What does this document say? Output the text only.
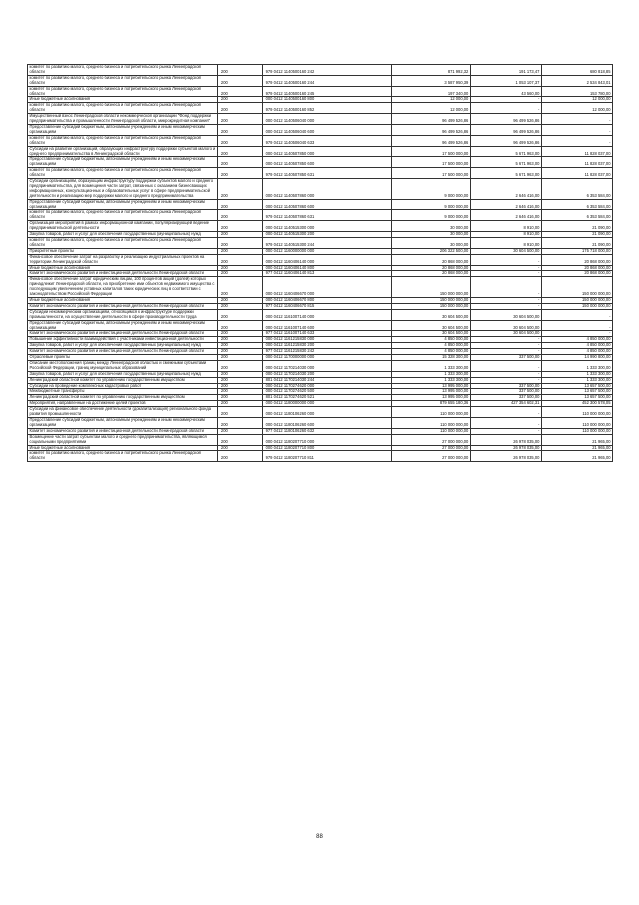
комитет по развитию малого, среднего бизнеса и потребительского рынка Ленинградской области	200	979 0412 1140500160 242	871 992,32	191 173,47	680 818,85
комитет по развитию малого, среднего бизнеса и потребительского рынка Ленинградской области	200	979 0412 1140500160 244	3 587 950,39	1 053 107,37	2 534 843,01
комитет по развитию малого, среднего бизнеса и потребительского рынка Ленинградской области	200	979 0412 1140500160 245	197 340,00	43 560,00	153 780,00
Иные бюджетные ассигнования	200	000 0412 1140500160 800	12 000,00	-	12 000,00
комитет по развитию малого, среднего бизнеса и потребительского рынка Ленинградской области	200	979 0412 1140500160 852	12 000,00	-	12 000,00
Имущественный взнос Ленинградской области некоммерческой организации "Фонд поддержки предпринимательства и промышленности Ленинградской области, микрокредитная компания"	200	000 0412 1140506040 000	96 499 526,86	96 499 526,86	-
Предоставление субсидий бюджетным, автономным учреждениям и иным некоммерческим организациям	200	000 0412 1140506040 600	96 499 526,86	96 499 526,86	-
комитет по развитию малого, среднего бизнеса и потребительского рынка Ленинградской области	200	979 0412 1140506040 633	96 499 526,86	96 499 526,86	-
Субсидии на развитие организаций, образующих инфраструктуру поддержки субъектов малого и среднего предпринимательства в Ленинградской области	200	000 0412 1140507850 000	17 500 000,00	5 671 963,00	11 828 037,00
Предоставление субсидий бюджетным, автономным учреждениям и иным некоммерческим организациям	200	000 0412 1140507850 600	17 500 000,00	5 671 963,00	11 828 037,00
комитет по развитию малого, среднего бизнеса и потребительского рынка Ленинградской области	200	979 0412 1140507850 631	17 500 000,00	5 671 963,00	11 828 037,00
Субсидии организациям, образующим инфраструктуру поддержки субъектов малого и среднего предпринимательства, для возмещения части затрат, связанных с оказанием бизнесвающих информационных, консультационных и образовательных услуг в сфере предпринимательской деятельности и реализацию мер поддержки малого и среднего предпринимательства	200	000 0412 1140507860 000	9 000 000,00	2 646 416,00	6 353 584,00
Предоставление субсидий бюджетным, автономным учреждениям и иным некоммерческим организациям	200	000 0412 1140507860 600	9 000 000,00	2 646 416,00	6 353 584,00
комитет по развитию малого, среднего бизнеса и потребительского рынка Ленинградской области	200	979 0412 1140507860 631	9 000 000,00	2 646 416,00	6 353 584,00
Организация мероприятий в рамках информационной кампании, популяризирующей ведение предпринимательской деятельности	200	000 0412 1140515300 000	30 000,00	8 910,00	21 090,00
Закупка товаров, работ и услуг для обеспечения государственных (муниципальных) нужд	200	000 0412 1140515300 200	30 000,00	8 910,00	21 090,00
комитет по развитию малого, среднего бизнеса и потребительского рынка Ленинградской области	200	979 0412 1140515300 244	30 000,00	8 910,00	21 090,00
Приоритетные проекты	200	000 0412 1160000000 000	206 322 500,00	30 604 500,00	175 718 000,00
Финансовое обеспечение затрат на разработку и реализацию индустриальных проектов на территории Ленинградской области	200	000 0412 1160406140 000	20 868 000,00	-	20 868 000,00
Иные бюджетные ассигнования	200	000 0412 1160406140 800	20 868 000,00	-	20 868 000,00
Комитет экономического развития и инвестиционной деятельности Ленинградской области	200	977 0412 1160406140 813	20 868 000,00	-	20 868 000,00
Финансовое обеспечение затрат юридическим лицам, 100 процентов акций (долей) которых принадлежит Ленинградской области, на приобретение ими объектов недвижимого имущества с последующим увеличением уставных капиталов таких юридических лиц в соответствии с законодательством Российской Федерации	200	000 0412 1160406670 000	150 000 000,00	-	150 000 000,00
Иные бюджетные ассигнования	200	000 0412 1160406670 800	150 000 000,00	-	150 000 000,00
Комитет экономического развития и инвестиционной деятельности Ленинградской области	200	977 0412 1160406670 815	150 000 000,00	-	150 000 000,00
Субсидии некоммерческим организациям, относящимся к инфраструктуре поддержки промышленности, на осуществление деятельности в сфере производительности труда	200	000 0412 1161007140 000	30 604 500,00	30 604 500,00	-
Предоставление субсидий бюджетным, автономным учреждениям и иным некоммерческим организациям	200	000 0412 1161007140 600	30 604 500,00	30 604 500,00	-
Комитет экономического развития и инвестиционной деятельности Ленинградской области	200	977 0412 1161007140 633	30 604 500,00	30 604 500,00	-
Повышение эффективности взаимодействия с участниками инвестиционной деятельности	200	000 0412 1161215830 000	4 850 000,00	-	4 850 000,00
Закупка товаров, работ и услуг для обеспечения государственных (муниципальных) нужд	200	000 0412 1161215830 200	4 850 000,00	-	4 850 000,00
Комитет экономического развития и инвестиционной деятельности Ленинградской области	200	977 0412 1161215830 242	4 850 000,00	-	4 850 000,00
Отраслевые проекты	200	000 0412 1170000000 000	15 328 300,00	337 500,00	14 990 800,00
Описание местоположения границ между Ленинградской областью и смежными субъектами Российской Федерации, границ муниципальных образований	200	000 0412 1170214030 000	1 333 300,00	-	1 333 300,00
Закупка товаров, работ и услуг для обеспечения государственных (муниципальных) нужд	200	000 0412 1170214030 200	1 333 300,00	-	1 333 300,00
Ленинградский областной комитет по управлению государственным имуществом	200	801 0412 1170214030 244	1 333 300,00	-	1 333 300,00
Субсидии на проведение комплексных кадастровых работ	200	000 0412 1170274620 000	13 995 000,00	337 500,00	13 657 500,00
Межбюджетные трансферты	200	000 0412 1170274620 500	13 995 000,00	337 500,00	13 657 500,00
Ленинградский областной комитет по управлению государственным имуществом	200	801 0412 1170274620 521	13 995 000,00	337 500,00	13 657 500,00
Мероприятия, направленные на достижение целей проектов	200	000 0412 1180000000 000	879 655 180,36	427 354 602,31	452 300 578,05
Субсидии на финансовое обеспечение деятельности (докапитализация) регионального фонда развития промышленности	200	000 0412 1180106260 000	110 000 000,00	-	110 000 000,00
Предоставление субсидий бюджетным, автономным учреждениям и иным некоммерческим организациям	200	000 0412 1180106260 600	110 000 000,00	-	110 000 000,00
Комитет экономического развития и инвестиционной деятельности Ленинградской области	200	977 0412 1180106260 632	110 000 000,00	-	110 000 000,00
Возмещение части затрат субъектам малого и среднего предпринимательства, являющимся социальными предприятиями	200	000 0412 1180207710 000	27 000 000,00	26 978 035,00	21 965,00
Иные бюджетные ассигнования	200	000 0412 1180207710 800	27 000 000,00	26 978 035,00	21 965,00
комитет по развитию малого, среднего бизнеса и потребительского рынка Ленинградской области	200	979 0412 1180207710 811	27 000 000,00	26 978 035,00	21 965,00
88
